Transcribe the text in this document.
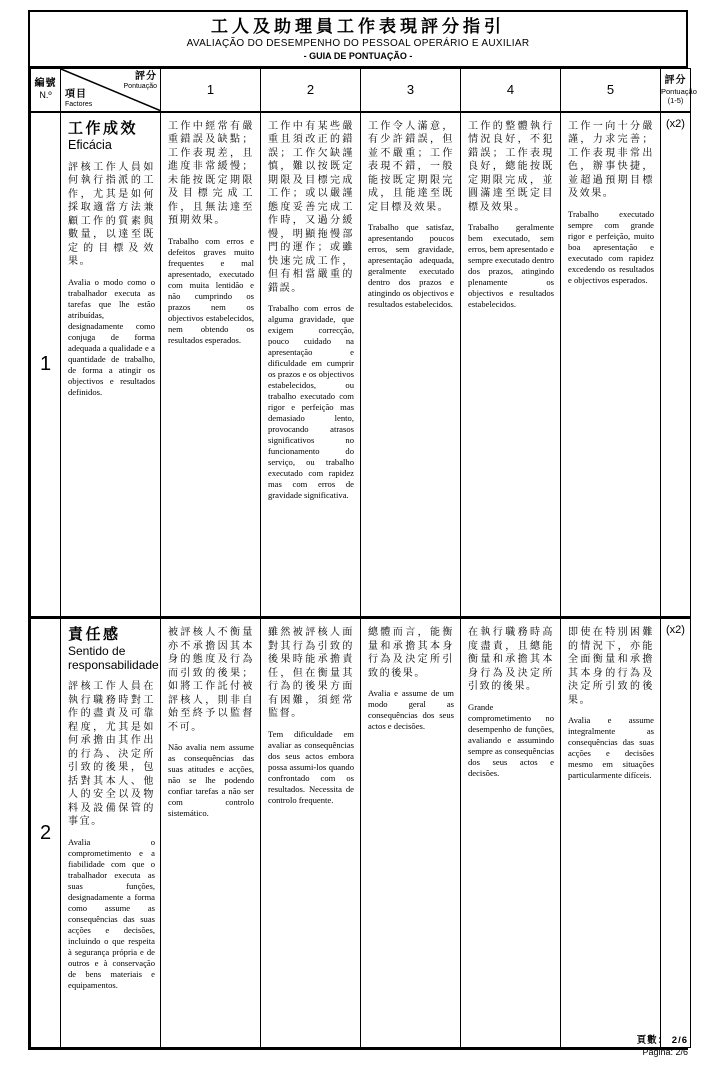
工人及助理員工作表現評分指引
AVALIAÇÃO DO DESEMPENHO DO PESSOAL OPERÁRIO E AUXILIAR
- GUIA DE PONTUAÇÃO -
編號
N.º

評分
Pontuação
項目
Factores
	1	2	3	4	5	
評分
Pontuação
(1-5)

1	
工作成效
Eficácia
評核工作人員如何執行指派的工作，尤其是如何採取適當方法兼顧工作的質素與數量，以達至既定的目標及效果。
Avalia o modo como o trabalhador executa as tarefas que lhe estão atribuídas, designadamente como conjuga de forma adequada a qualidade e a quantidade de trabalho, de forma a atingir os objectivos e resultados definidos.

工作中經常有嚴重錯誤及缺點；工作表現差，且進度非常緩慢；未能按既定期限及目標完成工作，且無法達至預期效果。
Trabalho com erros e defeitos graves muito frequentes e mal apresentado, executado com muita lentidão e não cumprindo os prazos nem os objectivos estabelecidos, nem obtendo os resultados esperados.

工作中有某些嚴重且須改正的錯誤；工作欠缺謹慎，難以按既定期限及目標完成工作；或以嚴謹態度妥善完成工作時，又過分緩慢，明顯拖慢部門的運作；或雖快速完成工作，但有相當嚴重的錯誤。
Trabalho com erros de alguma gravidade, que exigem correcção, pouco cuidado na apresentação e dificuldade em cumprir os prazos e os objectivos estabelecidos, ou trabalho executado com rigor e perfeição mas demasiado lento, provocando atrasos significativos no funcionamento do serviço, ou trabalho executado com rapidez mas com erros de gravidade significativa.

工作令人滿意，有少許錯誤，但並不嚴重；工作表現不錯，一般能按既定期限完成，且能達至既定目標及效果。
Trabalho que satisfaz, apresentando poucos erros, sem gravidade, apresentação adequada, geralmente executado dentro dos prazos e atingindo os objectivos e resultados estabelecidos.

工作的整體執行情況良好，不犯錯誤；工作表現良好，總能按既定期限完成，並圓滿達至既定目標及效果。
Trabalho geralmente bem executado, sem erros, bem apresentado e sempre executado dentro dos prazos, atingindo plenamente os objectivos e resultados estabelecidos.

工作一向十分嚴謹，力求完善；工作表現非常出色，辦事快捷，並超過預期目標及效果。
Trabalho executado sempre com grande rigor e perfeição, muito boa apresentação e executado com rapidez excedendo os resultados e objectivos esperados.
	(x2)
2	
責任感
Sentido de responsabilidade
評核工作人員在執行職務時對工作的盡責及可靠程度，尤其是如何承擔由其作出的行為、決定所引致的後果，包括對其本人、他人的安全以及物料及設備保管的事宜。
Avalia o comprometimento e a fiabilidade com que o trabalhador executa as suas funções, designadamente a forma como assume as consequências das suas acções e decisões, incluindo o que respeita à segurança própria e de outros e à conservação de bens materiais e equipamentos.

被評核人不衡量亦不承擔因其本身的態度及行為而引致的後果；如將工作託付被評核人，則非自始至終予以監督不可。
Não avalia nem assume as consequências das suas atitudes e acções, não se lhe podendo confiar tarefas a não ser com controlo sistemático.

雖然被評核人面對其行為引致的後果時能承擔責任，但在衡量其行為的後果方面有困難，須經常監督。
Tem dificuldade em avaliar as consequências dos seus actos embora possa assumi-los quando confrontado com os resultados. Necessita de controlo frequente.

總體而言，能衡量和承擔其本身行為及決定所引致的後果。
Avalia e assume de um modo geral as consequências dos seus actos e decisões.

在執行職務時高度盡責，且總能衡量和承擔其本身行為及決定所引致的後果。
Grande comprometimento no desempenho de funções, avaliando e assumindo sempre as consequências dos seus actos e decisões.

即使在特別困難的情況下，亦能全面衡量和承擔其本身的行為及決定所引致的後果。
Avalia e assume integralmente as consequências das suas acções e decisões mesmo em situações particularmente difíceis.
	(x2)
頁數： 2/6
Página: 2/6
